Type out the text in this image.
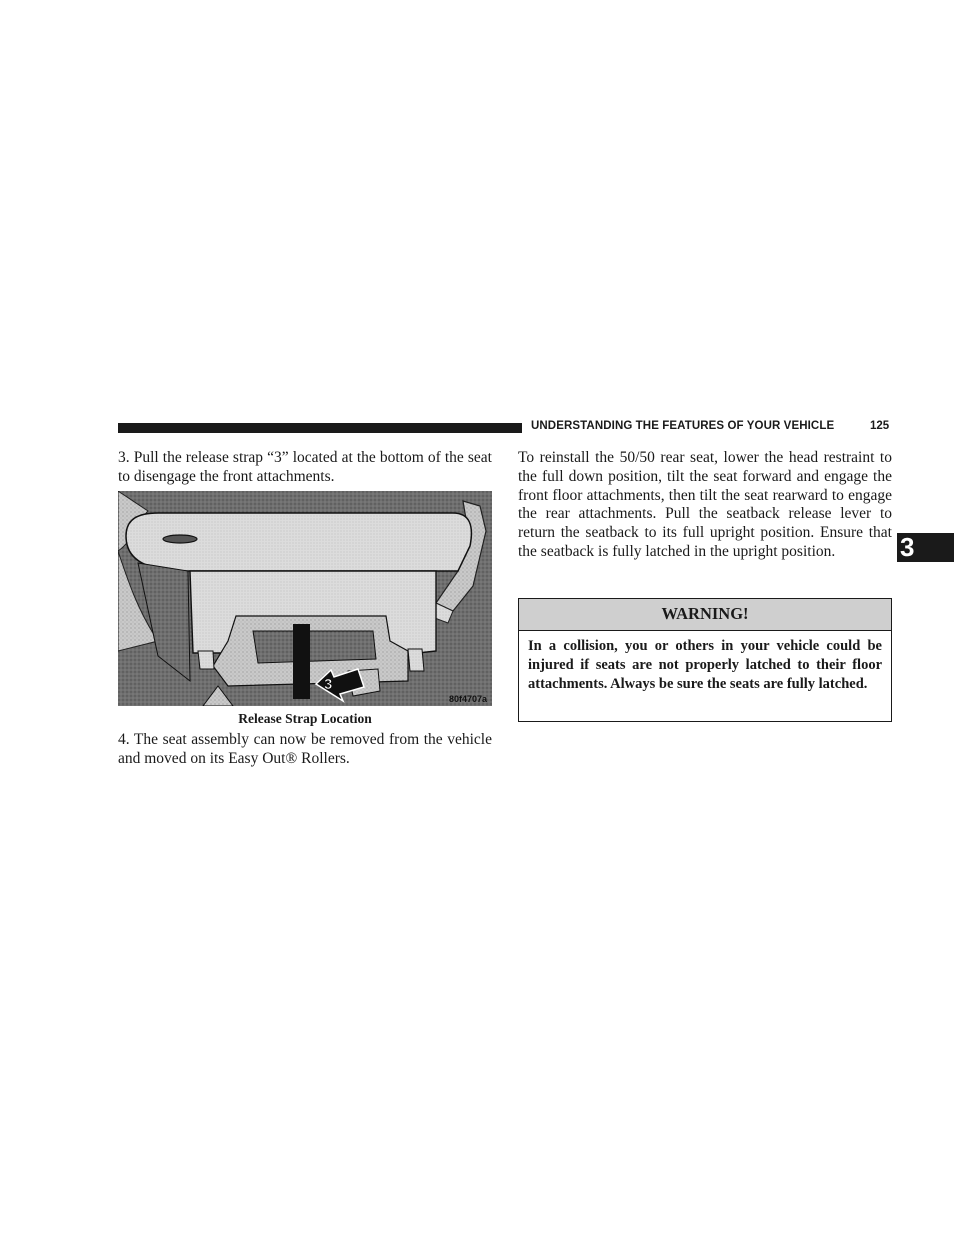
UNDERSTANDING THE FEATURES OF YOUR VEHICLE	125
3

3. Pull the release strap “3” located at the bottom of the seat to disengage the front attachments.

3
80f4707a
Release Strap Location

4. The seat assembly can now be removed from the vehicle and moved on its Easy Out® Rollers.

To reinstall the 50/50 rear seat, lower the head restraint to the full down position, tilt the seat forward and engage the front floor attachments, then tilt the seat rearward to engage the rear attachments. Pull the seatback release lever to return the seatback to its full upright position. Ensure that the seatback is fully latched in the upright position.

WARNING!
In a collision, you or others in your vehicle could be injured if seats are not properly latched to their floor attachments. Always be sure the seats are fully latched.
